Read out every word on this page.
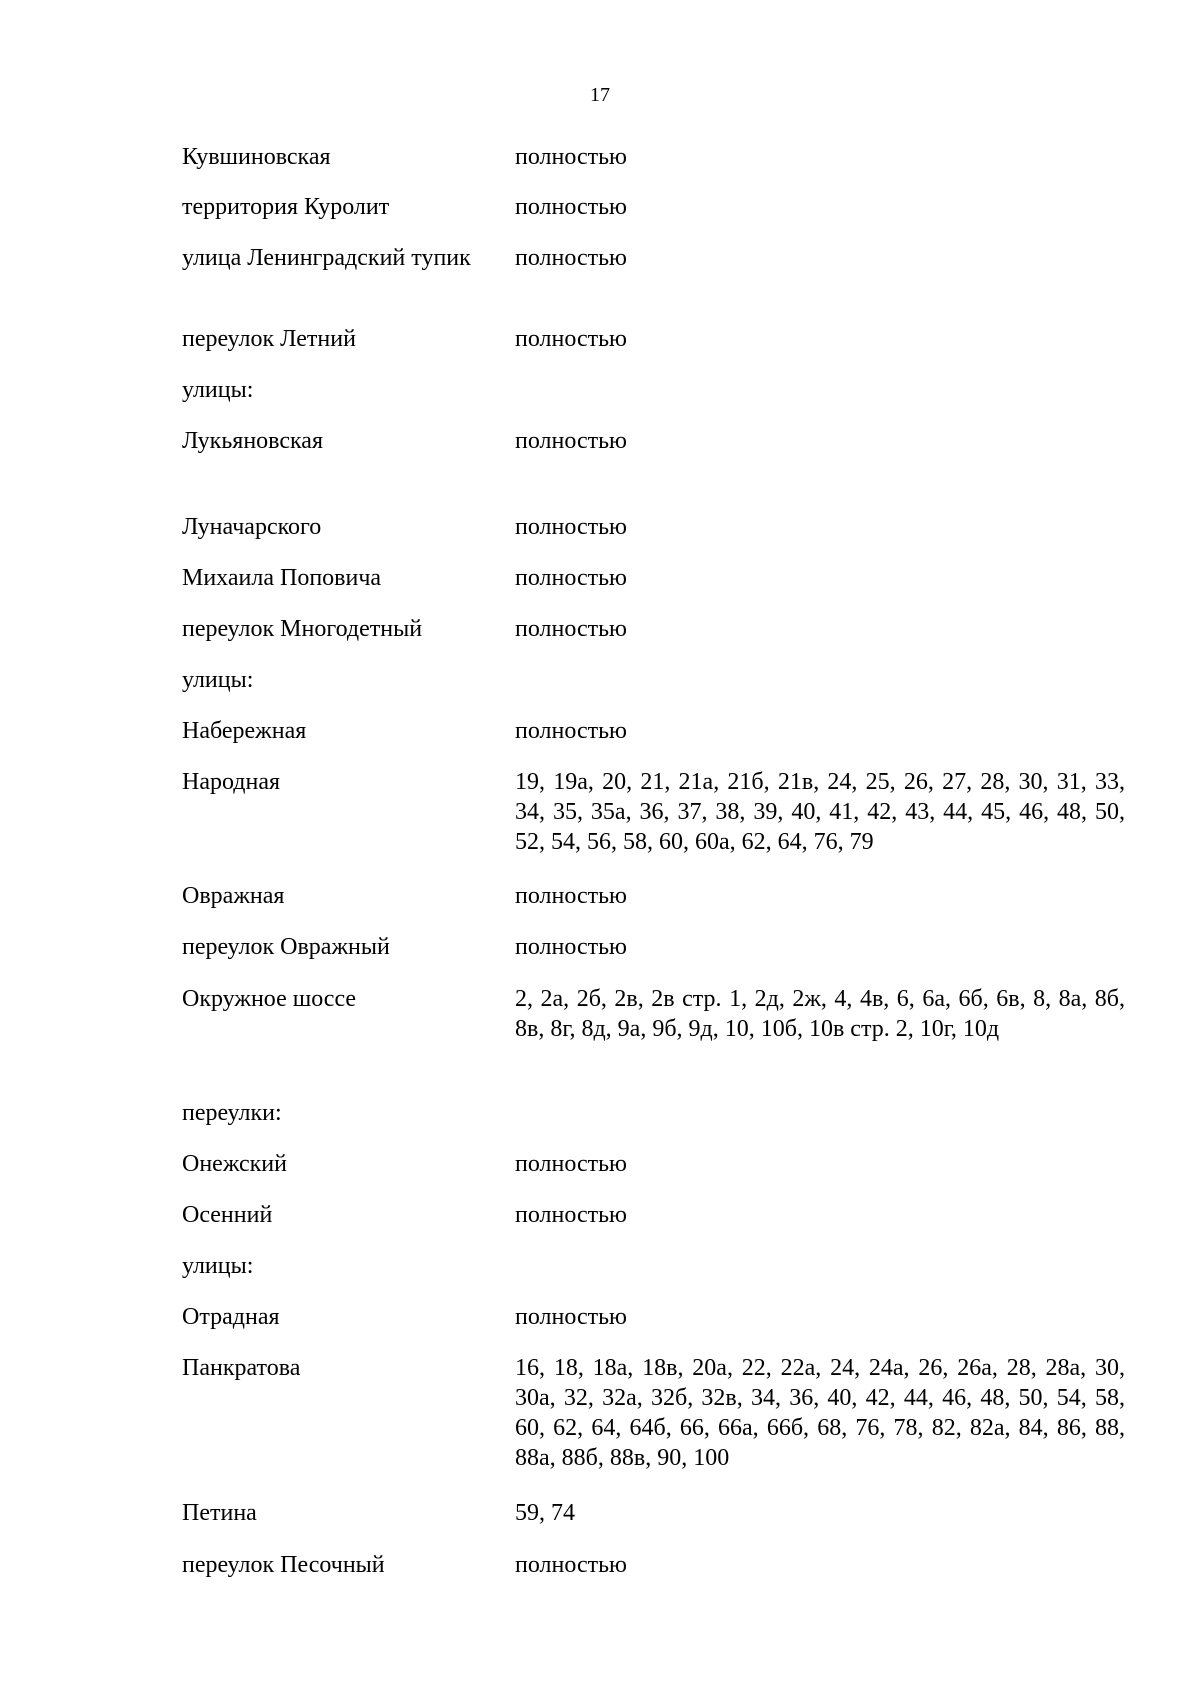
17
Кувшиновская	полностью
территория Куролит	полностью
улица Ленинградский тупик	полностью
переулок Летний	полностью
улицы:
Лукьяновская	полностью
Луначарского	полностью
Михаила Поповича	полностью
переулок Многодетный	полностью
улицы:
Набережная	полностью
Народная	19, 19а, 20, 21, 21а, 21б, 21в, 24, 25, 26, 27, 28, 30, 31, 33, 34, 35, 35а, 36, 37, 38, 39, 40, 41, 42, 43, 44, 45, 46, 48, 50, 52, 54, 56, 58, 60, 60а, 62, 64, 76, 79
Овражная	полностью
переулок Овражный	полностью
Окружное шоссе	2, 2а, 2б, 2в, 2в стр. 1, 2д, 2ж, 4, 4в, 6, 6а, 6б, 6в, 8, 8а, 8б, 8в, 8г, 8д, 9а, 9б, 9д, 10, 10б, 10в стр. 2, 10г, 10д
переулки:
Онежский	полностью
Осенний	полностью
улицы:
Отрадная	полностью
Панкратова	16, 18, 18а, 18в, 20а, 22, 22а, 24, 24а, 26, 26а, 28, 28а, 30, 30а, 32, 32а, 32б, 32в, 34, 36, 40, 42, 44, 46, 48, 50, 54, 58, 60, 62, 64, 64б, 66, 66а, 66б, 68, 76, 78, 82, 82а, 84, 86, 88, 88а, 88б, 88в, 90, 100
Петина	59, 74
переулок Песочный	полностью
